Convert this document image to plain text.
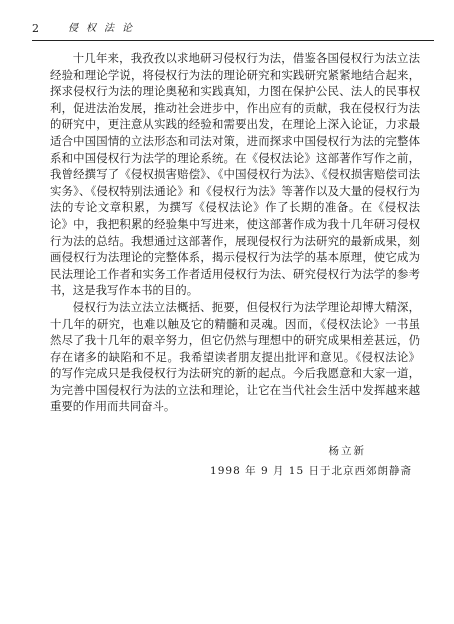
2	侵权法论

十几年来，我孜孜以求地研习侵权行为法，借鉴各国侵权行为法立法经验和理论学说，将侵权行为法的理论研究和实践研究紧紧地结合起来，探求侵权行为法的理论奥秘和实践真知，力图在保护公民、法人的民事权利，促进法治发展，推动社会进步中，作出应有的贡献，我在侵权行为法的研究中，更注意从实践的经验和需要出发，在理论上深入论证，力求最适合中国国情的立法形态和司法对策，进而探求中国侵权行为法的完整体系和中国侵权行为法学的理论系统。在《侵权法论》这部著作写作之前，我曾经撰写了《侵权损害赔偿》、《中国侵权行为法》、《侵权损害赔偿司法实务》、《侵权特别法通论》和《侵权行为法》等著作以及大量的侵权行为法的专论文章积累，为撰写《侵权法论》作了长期的准备。在《侵权法论》中，我把积累的经验集中写进来，使这部著作成为我十几年研习侵权行为法的总结。我想通过这部著作，展现侵权行为法研究的最新成果，刻画侵权行为法理论的完整体系，揭示侵权行为法学的基本原理，使它成为民法理论工作者和实务工作者适用侵权行为法、研究侵权行为法学的参考书，这是我写作本书的目的。

侵权行为法立法立法概括、扼要，但侵权行为法学理论却博大精深，十几年的研究，也难以触及它的精髓和灵魂。因而，《侵权法论》一书虽然尽了我十几年的艰辛努力，但它仍然与理想中的研究成果相差甚远，仍存在诸多的缺陷和不足。我希望读者朋友提出批评和意见。《侵权法论》的写作完成只是我侵权行为法研究的新的起点。今后我愿意和大家一道，为完善中国侵权行为法的立法和理论，让它在当代社会生活中发挥越来越重要的作用而共同奋斗。

杨立新
1998 年 9 月 15 日于北京西郊朗静斋
